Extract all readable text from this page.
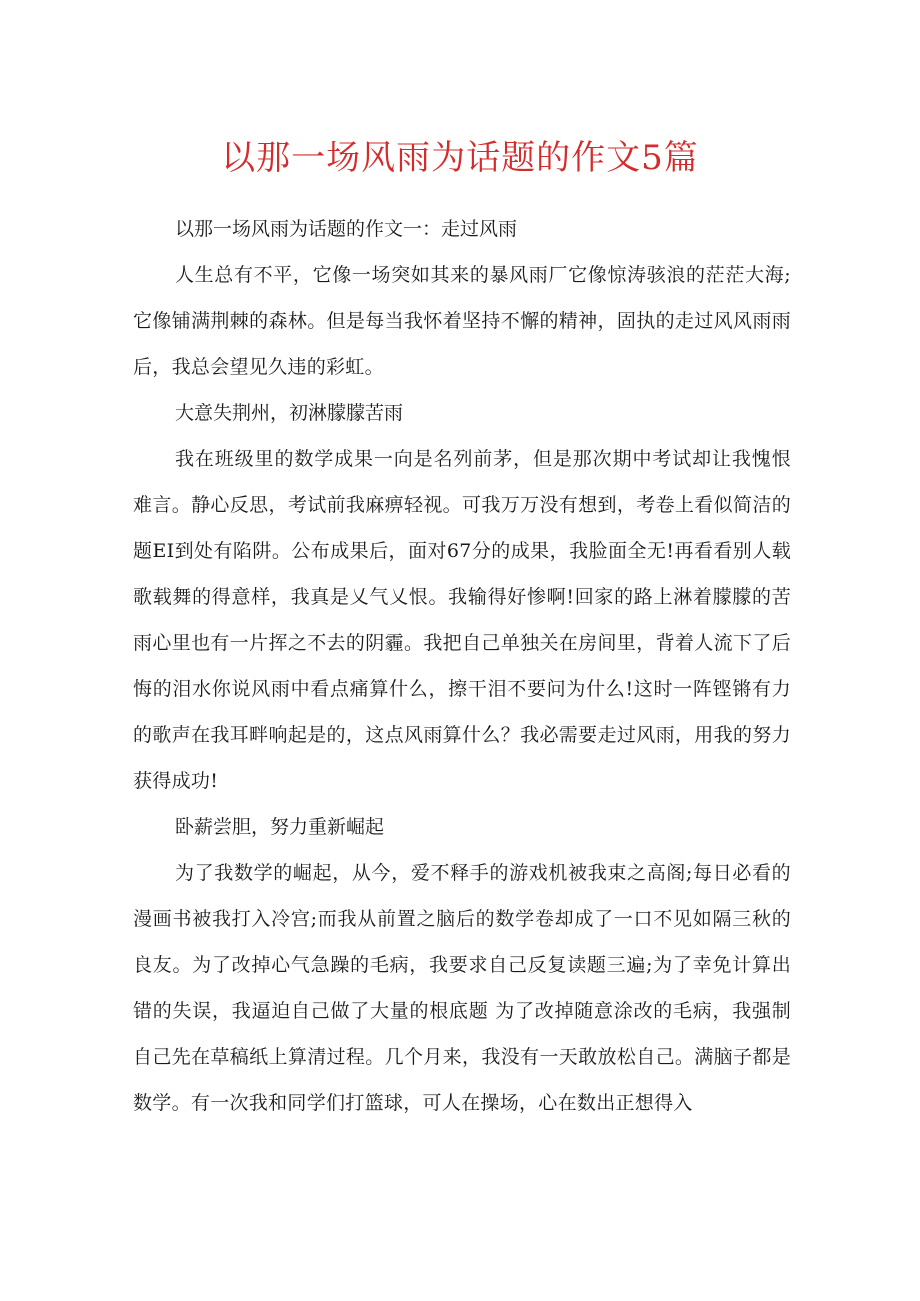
以那一场风雨为话题的作文5篇

以那一场风雨为话题的作文一：走过风雨

人生总有不平，它像一场突如其来的暴风雨厂它像惊涛骇浪的茫茫大海;它像铺满荆棘的森林。但是每当我怀着坚持不懈的精神，固执的走过风风雨雨后，我总会望见久违的彩虹。

大意失荆州，初淋朦朦苦雨

我在班级里的数学成果一向是名列前茅，但是那次期中考试却让我愧恨难言。静心反思，考试前我麻痹轻视。可我万万没有想到，考卷上看似简洁的题EI到处有陷阱。公布成果后，面对67分的成果，我脸面全无!再看看别人载歌载舞的得意样，我真是乂气乂恨。我输得好惨啊!回家的路上淋着朦朦的苦雨心里也有一片挥之不去的阴霾。我把自己单独关在房间里，背着人流下了后悔的泪水你说风雨中看点痛算什么，擦干泪不要问为什么!这时一阵铿锵有力的歌声在我耳畔响起是的，这点风雨算什么？我必需要走过风雨，用我的努力获得成功!

卧薪尝胆，努力重新崛起

为了我数学的崛起，从今，爱不释手的游戏机被我束之高阁;每日必看的漫画书被我打入冷宫;而我从前置之脑后的数学卷却成了一口不见如隔三秋的良友。为了改掉心气急躁的毛病，我要求自己反复读题三遍;为了幸免计算出错的失误，我逼迫自己做了大量的根底题 为了改掉随意涂改的毛病，我强制自己先在草稿纸上算清过程。几个月来，我没有一天敢放松自己。满脑子都是数学。有一次我和同学们打篮球，可人在操场，心在数出正想得入
